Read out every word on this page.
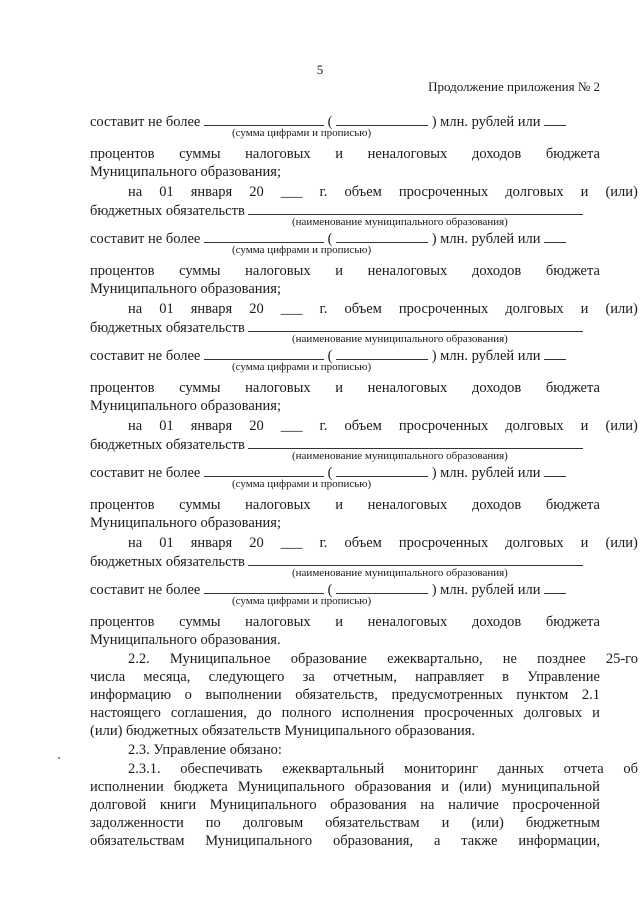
5
Продолжение приложения № 2
составит не более	(	) млн. рублей или
(сумма цифрами и прописью)
процентов суммы налоговых и неналоговых доходов бюджета
Муниципального образования;
на 01 января 20 ___ г. объем просроченных долговых и (или)
бюджетных обязательств
(наименование муниципального образования)
составит не более	(	) млн. рублей или
(сумма цифрами и прописью)
процентов суммы налоговых и неналоговых доходов бюджета
Муниципального образования;
на 01 января 20 ___ г. объем просроченных долговых и (или)
бюджетных обязательств
(наименование муниципального образования)
составит не более	(	) млн. рублей или
(сумма цифрами и прописью)
процентов суммы налоговых и неналоговых доходов бюджета
Муниципального образования;
на 01 января 20 ___ г. объем просроченных долговых и (или)
бюджетных обязательств
(наименование муниципального образования)
составит не более	(	) млн. рублей или
(сумма цифрами и прописью)
процентов суммы налоговых и неналоговых доходов бюджета
Муниципального образования;
на 01 января 20 ___ г. объем просроченных долговых и (или)
бюджетных обязательств
(наименование муниципального образования)
составит не более	(	) млн. рублей или
(сумма цифрами и прописью)
процентов суммы налоговых и неналоговых доходов бюджета
Муниципального образования.
2.2. Муниципальное образование ежеквартально, не позднее 25-го
числа месяца, следующего за отчетным, направляет в Управление
информацию о выполнении обязательств, предусмотренных пунктом 2.1
настоящего соглашения, до полного исполнения просроченных долговых и
(или) бюджетных обязательств Муниципального образования.
2.3. Управление обязано:
2.3.1. обеспечивать ежеквартальный мониторинг данных отчета об
исполнении бюджета Муниципального образования и (или) муниципальной
долговой книги Муниципального образования на наличие просроченной
задолженности по долговым обязательствам и (или) бюджетным
обязательствам Муниципального образования, а также информации,
